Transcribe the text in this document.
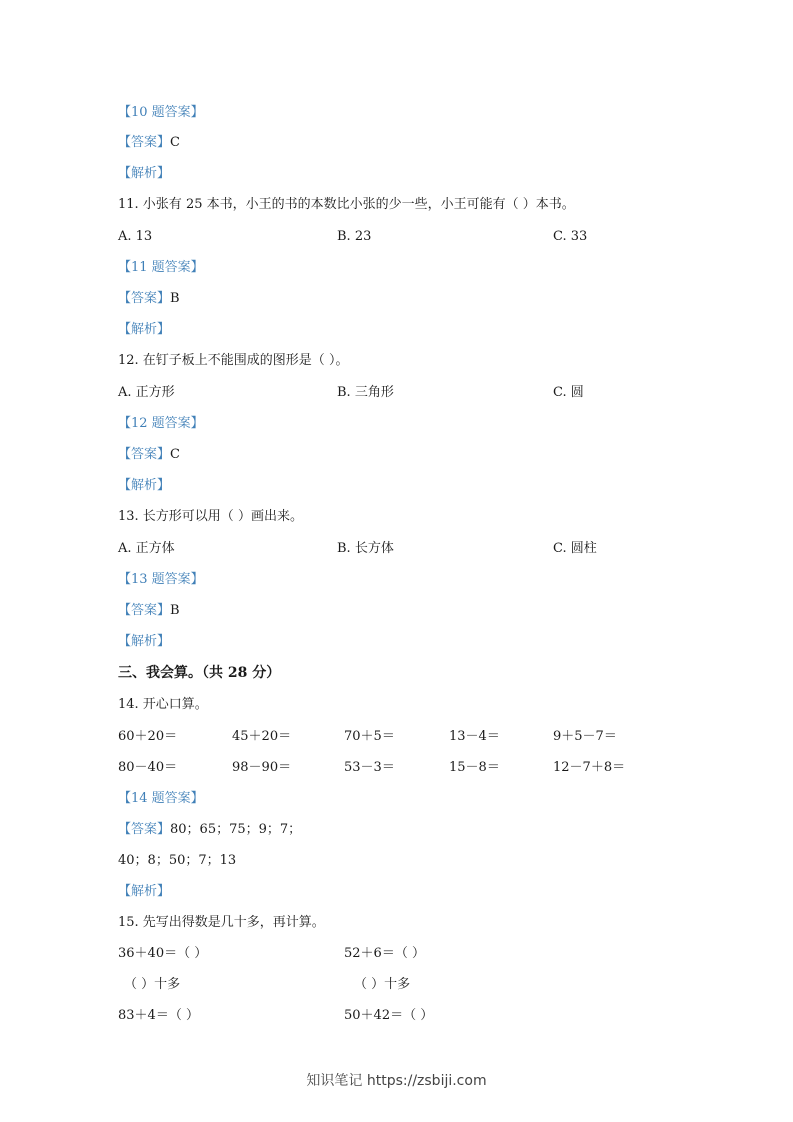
【10 题答案】
【答案】C
【解析】
11. 小张有 25 本书，小王的书的本数比小张的少一些，小王可能有（ ）本书。
A. 13	B. 23	C. 33
【11 题答案】
【答案】B
【解析】
12. 在钉子板上不能围成的图形是（ ）。
A. 正方形	B. 三角形	C. 圆
【12 题答案】
【答案】C
【解析】
13. 长方形可以用（ ）画出来。
A. 正方体	B. 长方体	C. 圆柱
【13 题答案】
【答案】B
【解析】
三、我会算。（共 28 分）
14. 开心口算。
60＋20＝	45＋20＝	70＋5＝	13－4＝	9＋5－7＝
80－40＝	98－90＝	53－3＝	15－8＝	12－7＋8＝
【14 题答案】
【答案】80；65；75；9；7；
40；8；50；7；13
【解析】
15. 先写出得数是几十多，再计算。
36＋40＝（ ）	52＋6＝（ ）
（ ）十多	（ ）十多
83＋4＝（ ）	50＋42＝（ ）
知识笔记 https://zsbiji.com
